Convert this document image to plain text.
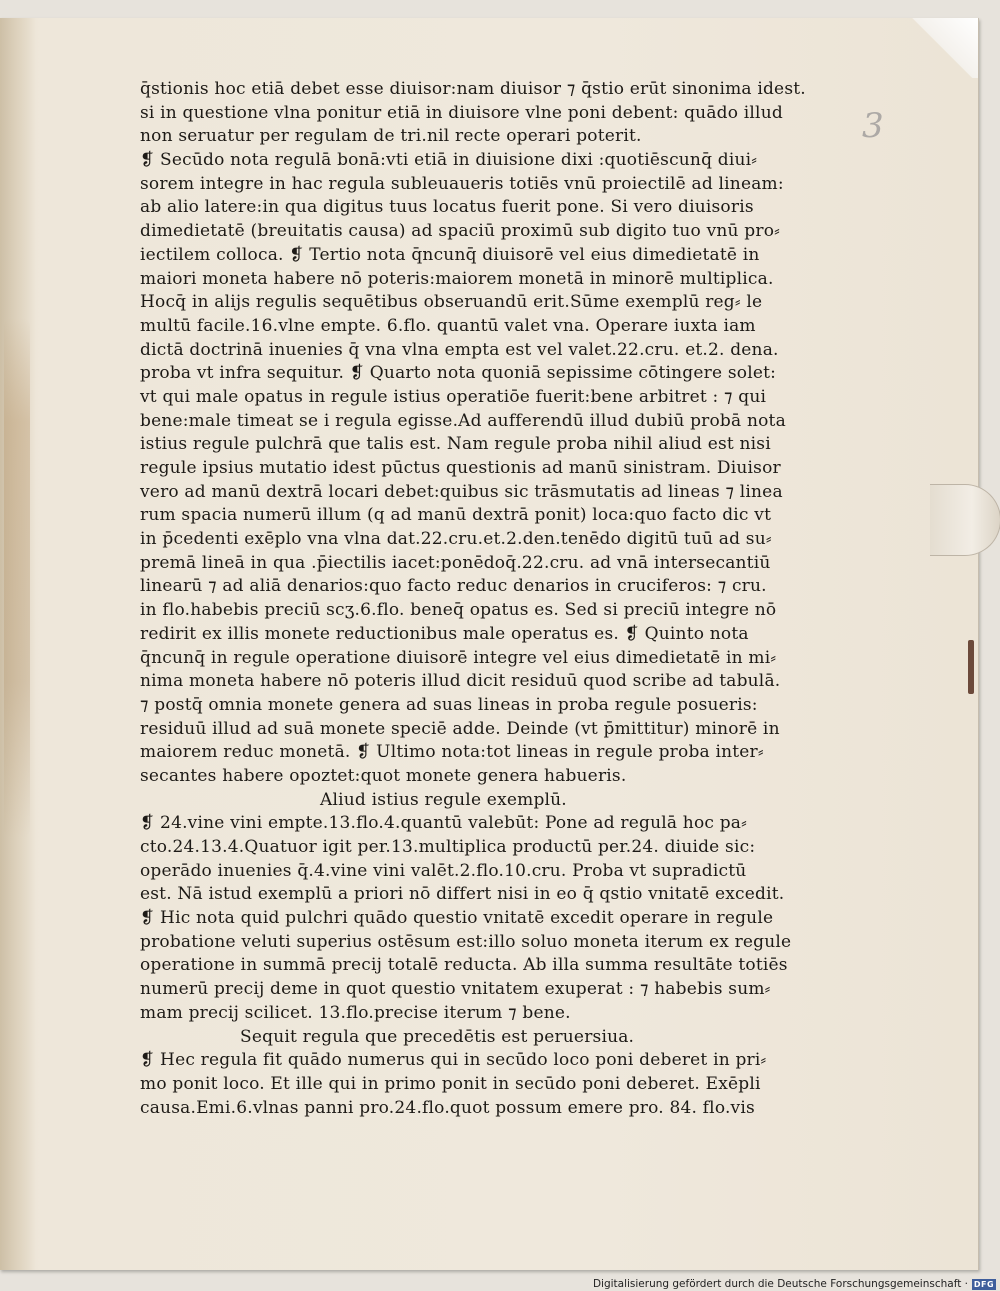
3
q̄stionis hoc etiā debet esse diuisor:nam diuisor ⁊ q̄stio erūt sinonima idest.
si in questione vlna ponitur etiā in diuisore vlne poni debent: quādo illud
non seruatur per regulam de tri.nil recte operari poterit.
❡ Secūdo nota regulā bonā:vti etiā in diuisione dixi :quotiēscunq̄ diui⸗
sorem integre in hac regula subleuaueris totiēs vnū proiectilē ad lineam:
ab alio latere:in qua digitus tuus locatus fuerit pone. Si vero diuisoris
dimedietatē (breuitatis causa) ad spaciū proximū sub digito tuo vnū pro⸗
iectilem colloca. ❡ Tertio nota q̄ncunq̄ diuisorē vel eius dimedietatē in
maiori moneta habere nō poteris:maiorem monetā in minorē multiplica.
Hocq̄ in alijs regulis sequētibus obseruandū erit.Sūme exemplū reg⸗ le
multū facile.16.vlne empte. 6.flo. quantū valet vna. Operare iuxta iam
dictā doctrinā inuenies q̄ vna vlna empta est vel valet.22.cru. et.2. dena.
proba vt infra sequitur. ❡ Quarto nota quoniā sepissime cōtingere solet:
vt qui male opatus in regule istius operatiōe fuerit:bene arbitret : ⁊ qui
bene:male timeat se i regula egisse.Ad aufferendū illud dubiū probā nota
istius regule pulchrā que talis est. Nam regule proba nihil aliud est nisi
regule ipsius mutatio idest pūctus questionis ad manū sinistram. Diuisor
vero ad manū dextrā locari debet:quibus sic trāsmutatis ad lineas ⁊ linea
rum spacia numerū illum (q ad manū dextrā ponit) loca:quo facto dic vt
in p̄cedenti exēplo vna vlna dat.22.cru.et.2.den.tenēdo digitū tuū ad su⸗
premā lineā in qua .p̄iectilis iacet:ponēdoq̄.22.cru. ad vnā intersecantiū
linearū ⁊ ad aliā denarios:quo facto reduc denarios in cruciferos: ⁊ cru.
in flo.habebis preciū scʒ.6.flo. beneq̄ opatus es. Sed si preciū integre nō
redirit ex illis monete reductionibus male operatus es. ❡ Quinto nota
q̄ncunq̄ in regule operatione diuisorē integre vel eius dimedietatē in mi⸗
nima moneta habere nō poteris illud dicit residuū quod scribe ad tabulā.
⁊ postq̄ omnia monete genera ad suas lineas in proba regule posueris:
residuū illud ad suā monete speciē adde. Deinde (vt p̄mittitur) minorē in
maiorem reduc monetā. ❡ Ultimo nota:tot lineas in regule proba inter⸗
secantes habere opoztet:quot monete genera habueris.
Aliud istius regule exemplū.
❡ 24.vine vini empte.13.flo.4.quantū valebūt: Pone ad regulā hoc pa⸗
cto.24.13.4.Quatuor igit per.13.multiplica productū per.24. diuide sic:
operādo inuenies q̄.4.vine vini valēt.2.flo.10.cru. Proba vt supradictū
est. Nā istud exemplū a priori nō differt nisi in eo q̄ qstio vnitatē excedit.
❡ Hic nota quid pulchri quādo questio vnitatē excedit operare in regule
probatione veluti superius ostēsum est:illo soluo moneta iterum ex regule
operatione in summā precij totalē reducta. Ab illa summa resultāte totiēs
numerū precij deme in quot questio vnitatem exuperat : ⁊ habebis sum⸗
mam precij scilicet. 13.flo.precise iterum ⁊ bene.
Sequit regula que precedētis est peruersiua.
❡ Hec regula fit quādo numerus qui in secūdo loco poni deberet in pri⸗
mo ponit loco. Et ille qui in primo ponit in secūdo poni deberet. Exēpli
causa.Emi.6.vlnas panni pro.24.flo.quot possum emere pro. 84. flo.vis
Digitalisierung gefördert durch die Deutsche Forschungsgemeinschaft · DFG
